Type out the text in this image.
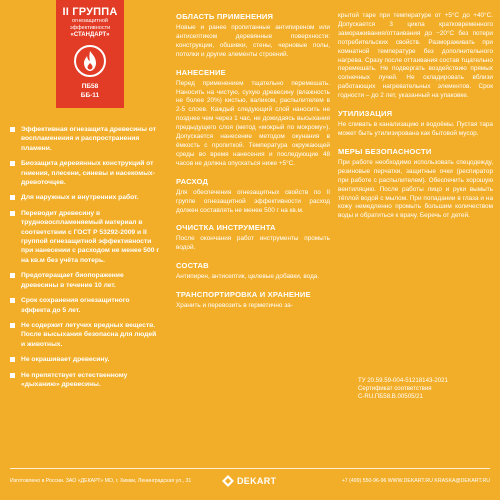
II ГРУППА
огнезащитной эффективности
«СТАНДАРТ»
ПБ58
ББ-11
Эффективная огнезащита древесины от воспламенения и распространения пламени.
Биозащита деревянных конструкций от гниения, плесени, синевы и насекомых-древоточцев.
Для наружных и внутренних работ.
Переводит древесину в трудновоспламеняемый материал в соответствии с ГОСТ Р 53292-2009 и II группой огнезащитной эффективности при нанесении с расходом не менее 500 г на кв.м без учёта потерь.
Предотвращает биопоражение древесины в течение 10 лет.
Срок сохранения огнезащитного эффекта до 5 лет.
Не содержит летучих вредных веществ. После высыхания безопасна для людей и животных.
Не окрашивает древесину.
Не препятствует естественному «дыханию» древесины.
ОБЛАСТЬ ПРИМЕНЕНИЯ

Новые и ранее пропитанные антипиреном или антисептиком деревянные поверхности: конструкции, обшивки, стены, черновые полы, потолки и другие элементы строений.

НАНЕСЕНИЕ

Перед применением тщательно перемешать. Наносить на чистую, сухую древесину (влажность не более 20%) кистью, валиком, распылителем в 2-5 слоев. Каждый следующий слой наносить не позднее чем через 1 час, не дожидаясь высыхания предыдущего слоя (метод «мокрый по мокрому»). Допускается нанесение методом окунания в ёмкость с пропиткой. Температура окружающей среды во время нанесения и последующие 48 часов не должна опускаться ниже +5°С.

РАСХОД

Для обеспечения огнезащитных свойств по II группе огнезащитной эффективности расход должен составлять не менее 500 г на кв.м.

ОЧИСТКА ИНСТРУМЕНТА

После окончания работ инструменты промыть водой.

СОСТАВ

Антипирен, антисептик, целевые добавки, вода.

ТРАНСПОРТИРОВКА И ХРАНЕНИЕ

Хранить и перевозить в герметично за-

крытой таре при температуре от +5°С до +40°С. Допускается 3 цикла кратковременного замораживания/оттаивания до −20°С без потери потребительских свойств. Размораживать при комнатной температуре без дополнительного нагрева. Сразу после оттаивания состав тщательно перемешать. Не подвергать воздействию прямых солнечных лучей. Не складировать вблизи работающих нагревательных элементов. Срок годности – до 2 лет, указанный на упаковке.

УТИЛИЗАЦИЯ

Не сливать в канализацию и водоёмы. Пустая тара может быть утилизирована как бытовой мусор.

МЕРЫ БЕЗОПАСНОСТИ

При работе необходимо использовать спецодежду, резиновые перчатки, защитные очки (респиратор при работе с распылителем). Обеспечить хорошую вентиляцию. После работы лицо и руки вымыть тёплой водой с мылом. При попадании в глаза и на кожу немедленно промыть большим количеством воды и обратиться к врачу. Беречь от детей.

ТУ 20.59.59-004-51218143-2021
Сертификат соответствия
С-RU.ПБ58.В.00505/21
Изготовлено в России. ЗАО «ДЕКАРТ» МО, г. Химки, Ленинградская ул., 31	DEKART	+7 (499) 550-96-96 WWW.DEKART.RU KRASKA@DEKART.RU
